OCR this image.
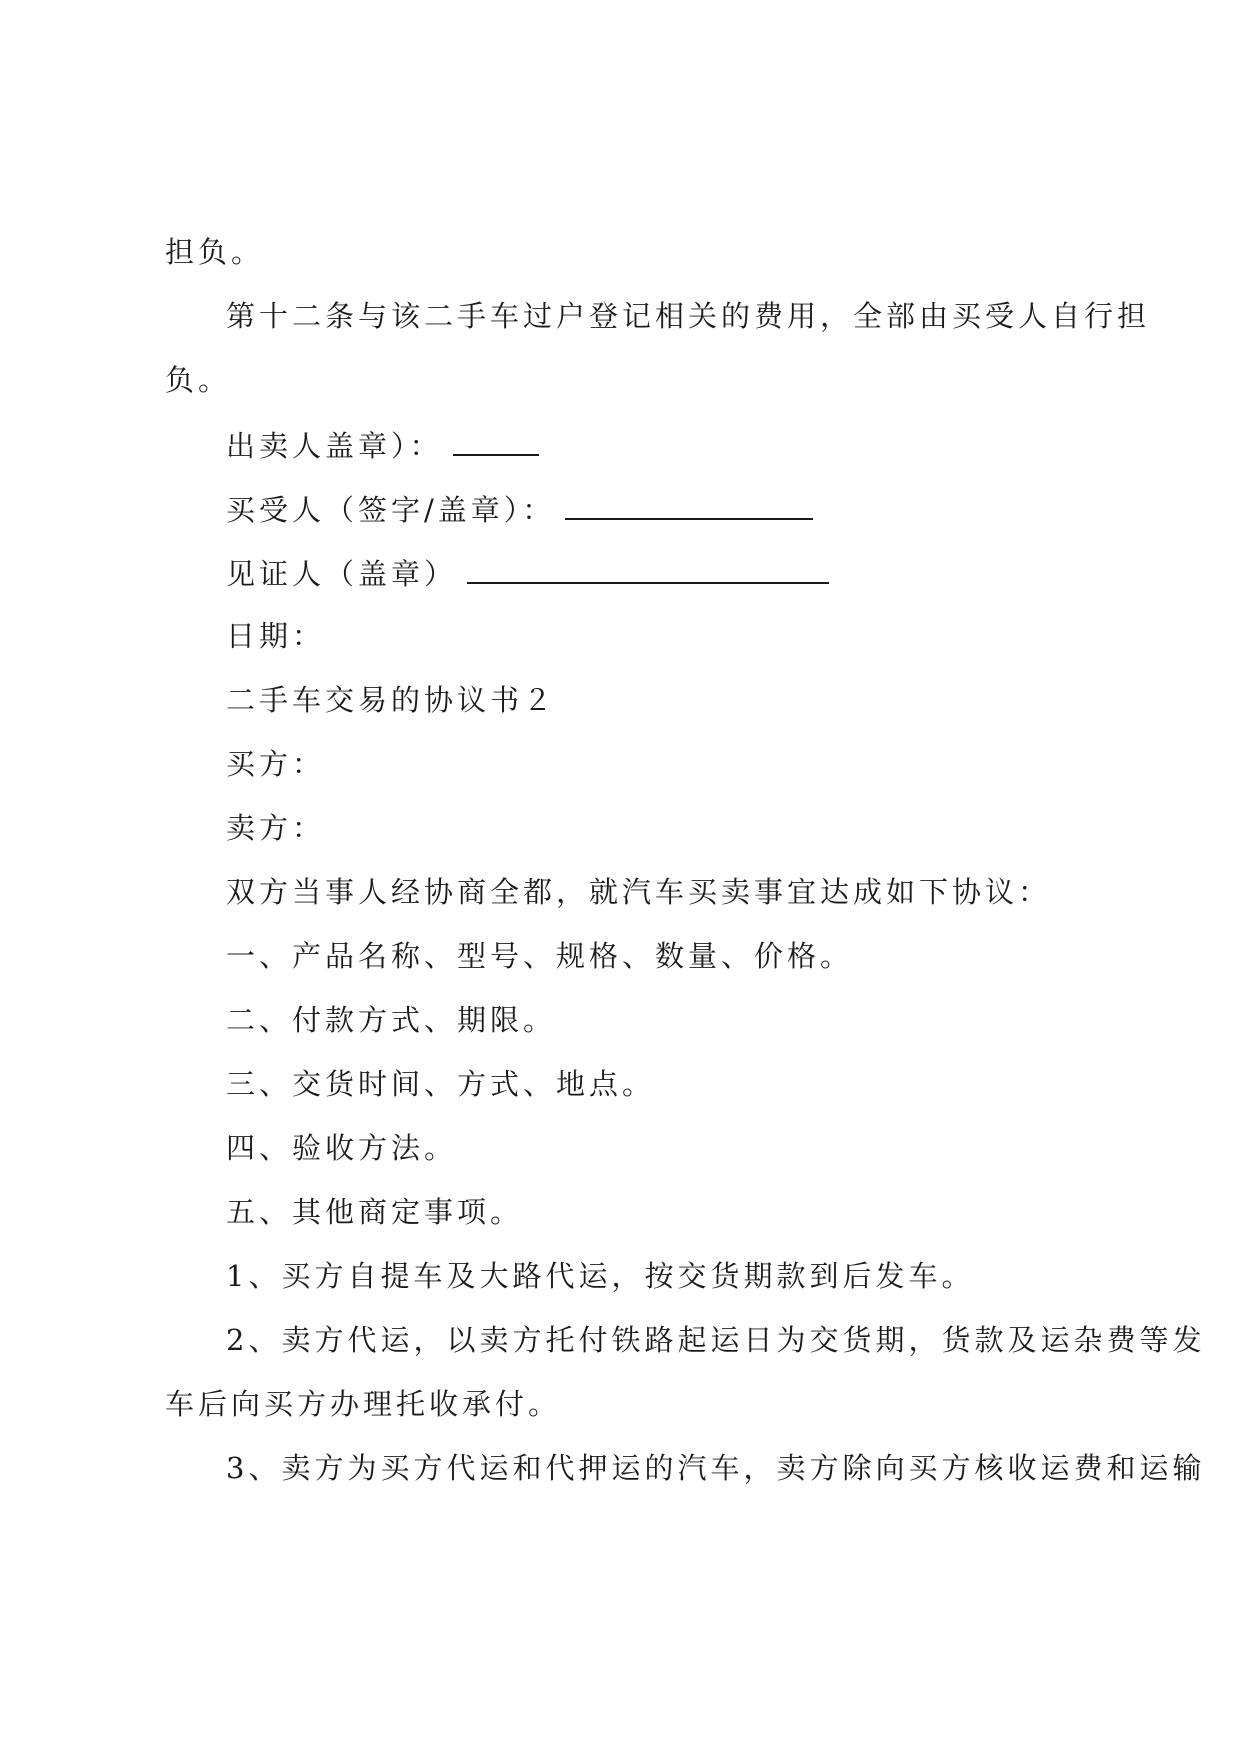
担负。
第十二条与该二手车过户登记相关的费用，全部由买受人自行担
负。
出卖人盖章）：
买受人（签字/盖章）：
见证人（盖章）
日期：
二手车交易的协议书２
买方：
卖方：
双方当事人经协商全都，就汽车买卖事宜达成如下协议：
一、产品名称、型号、规格、数量、价格。
二、付款方式、期限。
三、交货时间、方式、地点。
四、验收方法。
五、其他商定事项。
1、买方自提车及大路代运，按交货期款到后发车。
2、卖方代运，以卖方托付铁路起运日为交货期，货款及运杂费等发
车后向买方办理托收承付。
3、卖方为买方代运和代押运的汽车，卖方除向买方核收运费和运输
